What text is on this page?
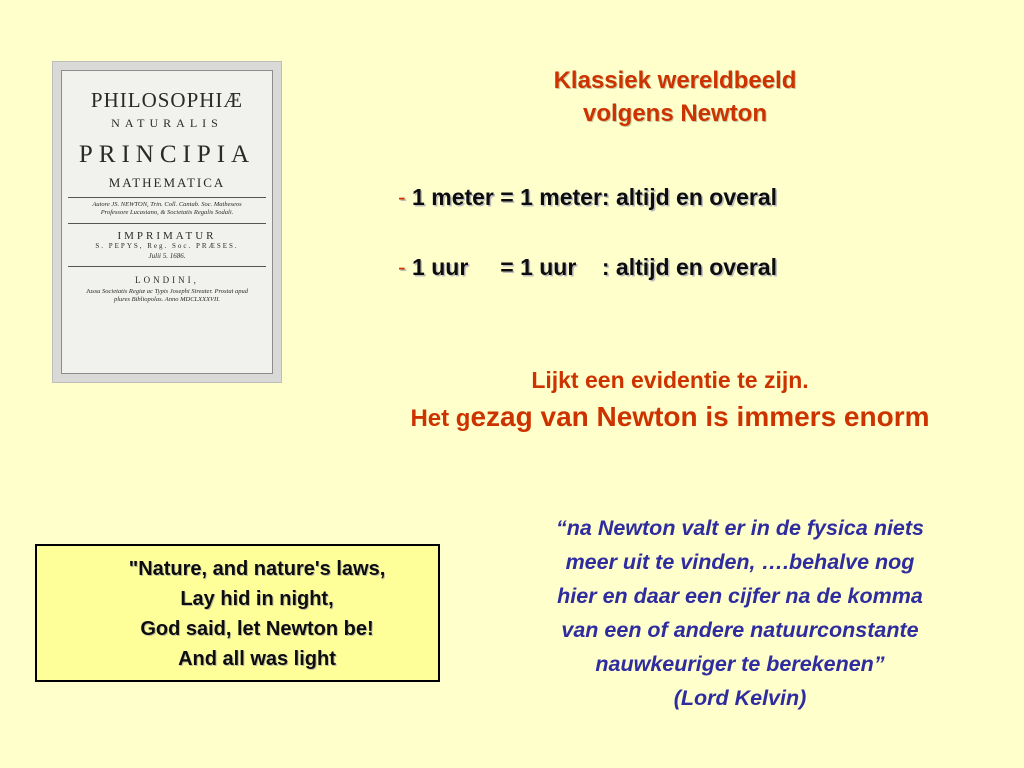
PHILOSOPHIÆ
NATURALIS
PRINCIPIA
MATHEMATICA
Autore JS. NEWTON, Trin. Coll. Cantab. Soc. Matheseos
Professore Lucasiano, & Societatis Regalis Sodali.
IMPRIMATUR
S. PEPYS, Reg. Soc. PRÆSES.
Julii 5. 1686.
LONDINI,
Jussu Societatis Regiæ ac Typis Josephi Streater. Prostat apud
plures Bibliopolas. Anno MDCLXXXVII.
Klassiek wereldbeeld
volgens Newton
- 1 meter = 1 meter: altijd en overal
- 1 uur     = 1 uur    : altijd en overal
Lijkt een evidentie te zijn.
Het gezag van Newton is immers enorm
"Nature, and nature's laws,
Lay hid in night,
God said, let Newton be!
And all was light
“na Newton valt er in de fysica niets
meer uit te vinden, ….behalve nog
hier en daar een cijfer na de komma
van een of andere natuurconstante
nauwkeuriger te berekenen”
(Lord Kelvin)
